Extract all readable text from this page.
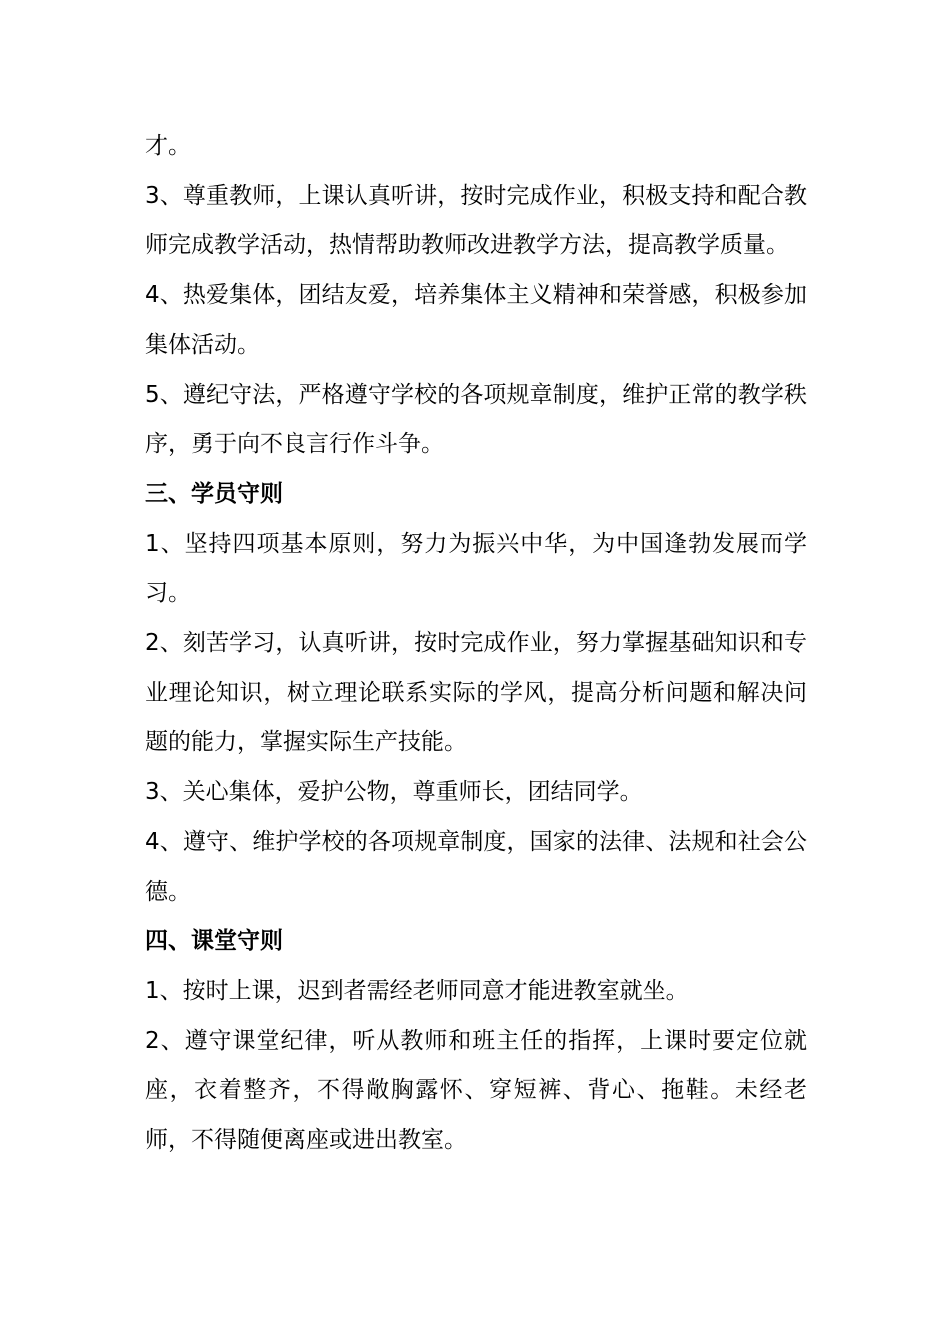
才。

3、尊重教师，上课认真听讲，按时完成作业，积极支持和配合教师完成教学活动，热情帮助教师改进教学方法，提高教学质量。

4、热爱集体，团结友爱，培养集体主义精神和荣誉感，积极参加集体活动。

5、遵纪守法，严格遵守学校的各项规章制度，维护正常的教学秩序，勇于向不良言行作斗争。

三、学员守则

1、坚持四项基本原则，努力为振兴中华，为中国逢勃发展而学习。

2、刻苦学习，认真听讲，按时完成作业，努力掌握基础知识和专业理论知识，树立理论联系实际的学风，提高分析问题和解决问题的能力，掌握实际生产技能。

3、关心集体，爱护公物，尊重师长，团结同学。

4、遵守、维护学校的各项规章制度，国家的法律、法规和社会公德。

四、课堂守则

1、按时上课，迟到者需经老师同意才能进教室就坐。

2、遵守课堂纪律，听从教师和班主任的指挥，上课时要定位就座，衣着整齐，不得敞胸露怀、穿短裤、背心、拖鞋。未经老师，不得随便离座或进出教室。
